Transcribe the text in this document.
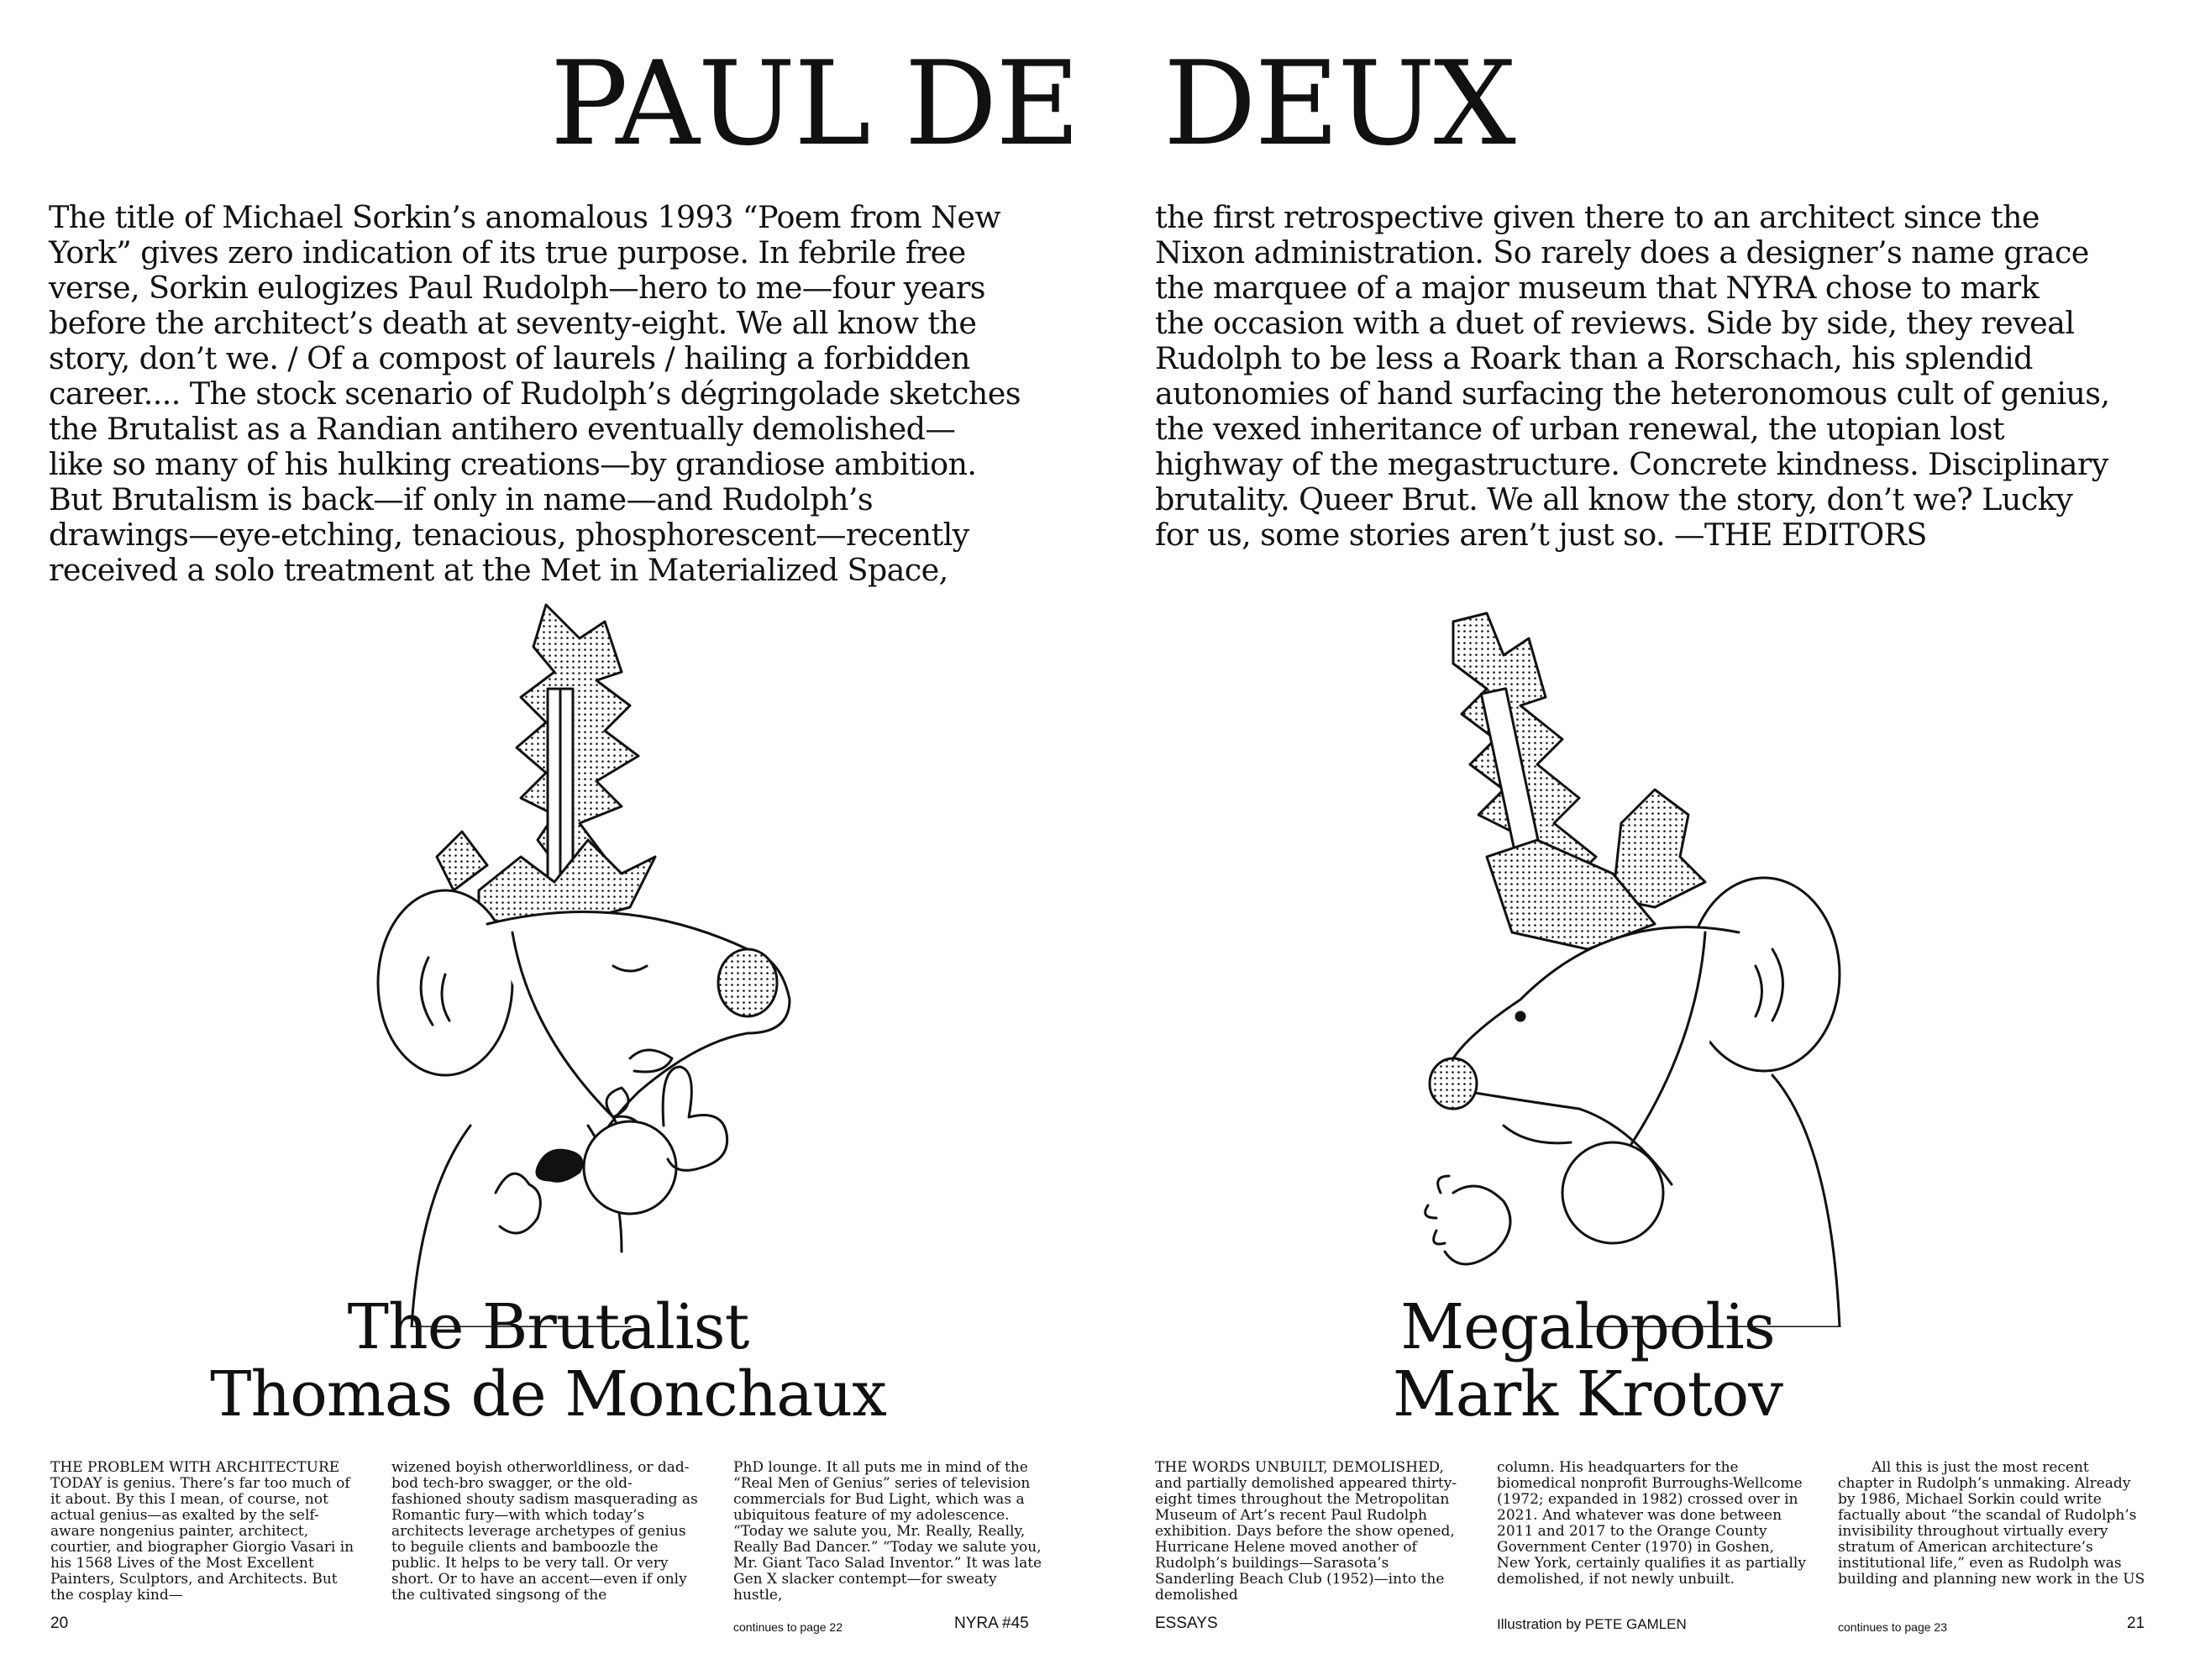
PAUL DE DEUX

The title of Michael Sorkin’s anomalous 1993 “Poem from New
York” gives zero indication of its true purpose. In febrile free
verse, Sorkin eulogizes Paul Rudolph—hero to me—four years
before the architect’s death at seventy-eight. We all know the
story, don’t we. / Of a compost of laurels / hailing a forbidden
career.... The stock scenario of Rudolph’s dégringolade sketches
the Brutalist as a Randian antihero eventually demolished—
like so many of his hulking creations—by grandiose ambition.
But Brutalism is back—if only in name—and Rudolph’s
drawings—eye-etching, tenacious, phosphorescent—recently
received a solo treatment at the Met in Materialized Space,

the first retrospective given there to an architect since the
Nixon administration. So rarely does a designer’s name grace
the marquee of a major museum that NYRA chose to mark
the occasion with a duet of reviews. Side by side, they reveal
Rudolph to be less a Roark than a Rorschach, his splendid
autonomies of hand surfacing the heteronomous cult of genius,
the vexed inheritance of urban renewal, the utopian lost
highway of the megastructure. Concrete kindness. Disciplinary
brutality. Queer Brut. We all know the story, don’t we? Lucky
for us, some stories aren’t just so. —THE EDITORS

The Brutalist
Thomas de Monchaux
Megalopolis
Mark Krotov

THE PROBLEM WITH ARCHITECTURE TODAY is genius. There’s far too much of it about. By this I mean, of course, not actual genius—as exalted by the self-aware nongenius painter, architect, courtier, and biographer Giorgio Vasari in his 1568 Lives of the Most Excellent Painters, Sculptors, and Architects. But the cosplay kind—

wizened boyish otherworldliness, or dad-bod tech-bro swagger, or the old-fashioned shouty sadism masquerading as Romantic fury—with which today’s architects leverage archetypes of genius to beguile clients and bamboozle the public. It helps to be very tall. Or very short. Or to have an accent—even if only the cultivated singsong of the

PhD lounge. It all puts me in mind of the “Real Men of Genius” series of television commercials for Bud Light, which was a ubiquitous feature of my adolescence. “Today we salute you, Mr. Really, Really, Really Bad Dancer.” “Today we salute you, Mr. Giant Taco Salad Inventor.” It was late Gen X slacker contempt—for sweaty hustle,

THE WORDS UNBUILT, DEMOLISHED, and partially demolished appeared thirty-eight times throughout the Metropolitan Museum of Art’s recent Paul Rudolph exhibition. Days before the show opened, Hurricane Helene moved another of Rudolph’s buildings—Sarasota’s Sanderling Beach Club (1952)—into the demolished

column. His headquarters for the biomedical nonprofit Burroughs-Wellcome (1972; expanded in 1982) crossed over in 2021. And whatever was done between 2011 and 2017 to the Orange County Government Center (1970) in Goshen, New York, certainly qualifies it as partially demolished, if not newly unbuilt.

All this is just the most recent chapter in Rudolph’s unmaking. Already by 1986, Michael Sorkin could write factually about “the scandal of Rudolph’s invisibility throughout virtually every stratum of American architecture’s institutional life,” even as Rudolph was building and planning new work in the US

20	continues to page 22	NYRA #45	ESSAYS	Illustration by PETE GAMLEN	continues to page 23	21
